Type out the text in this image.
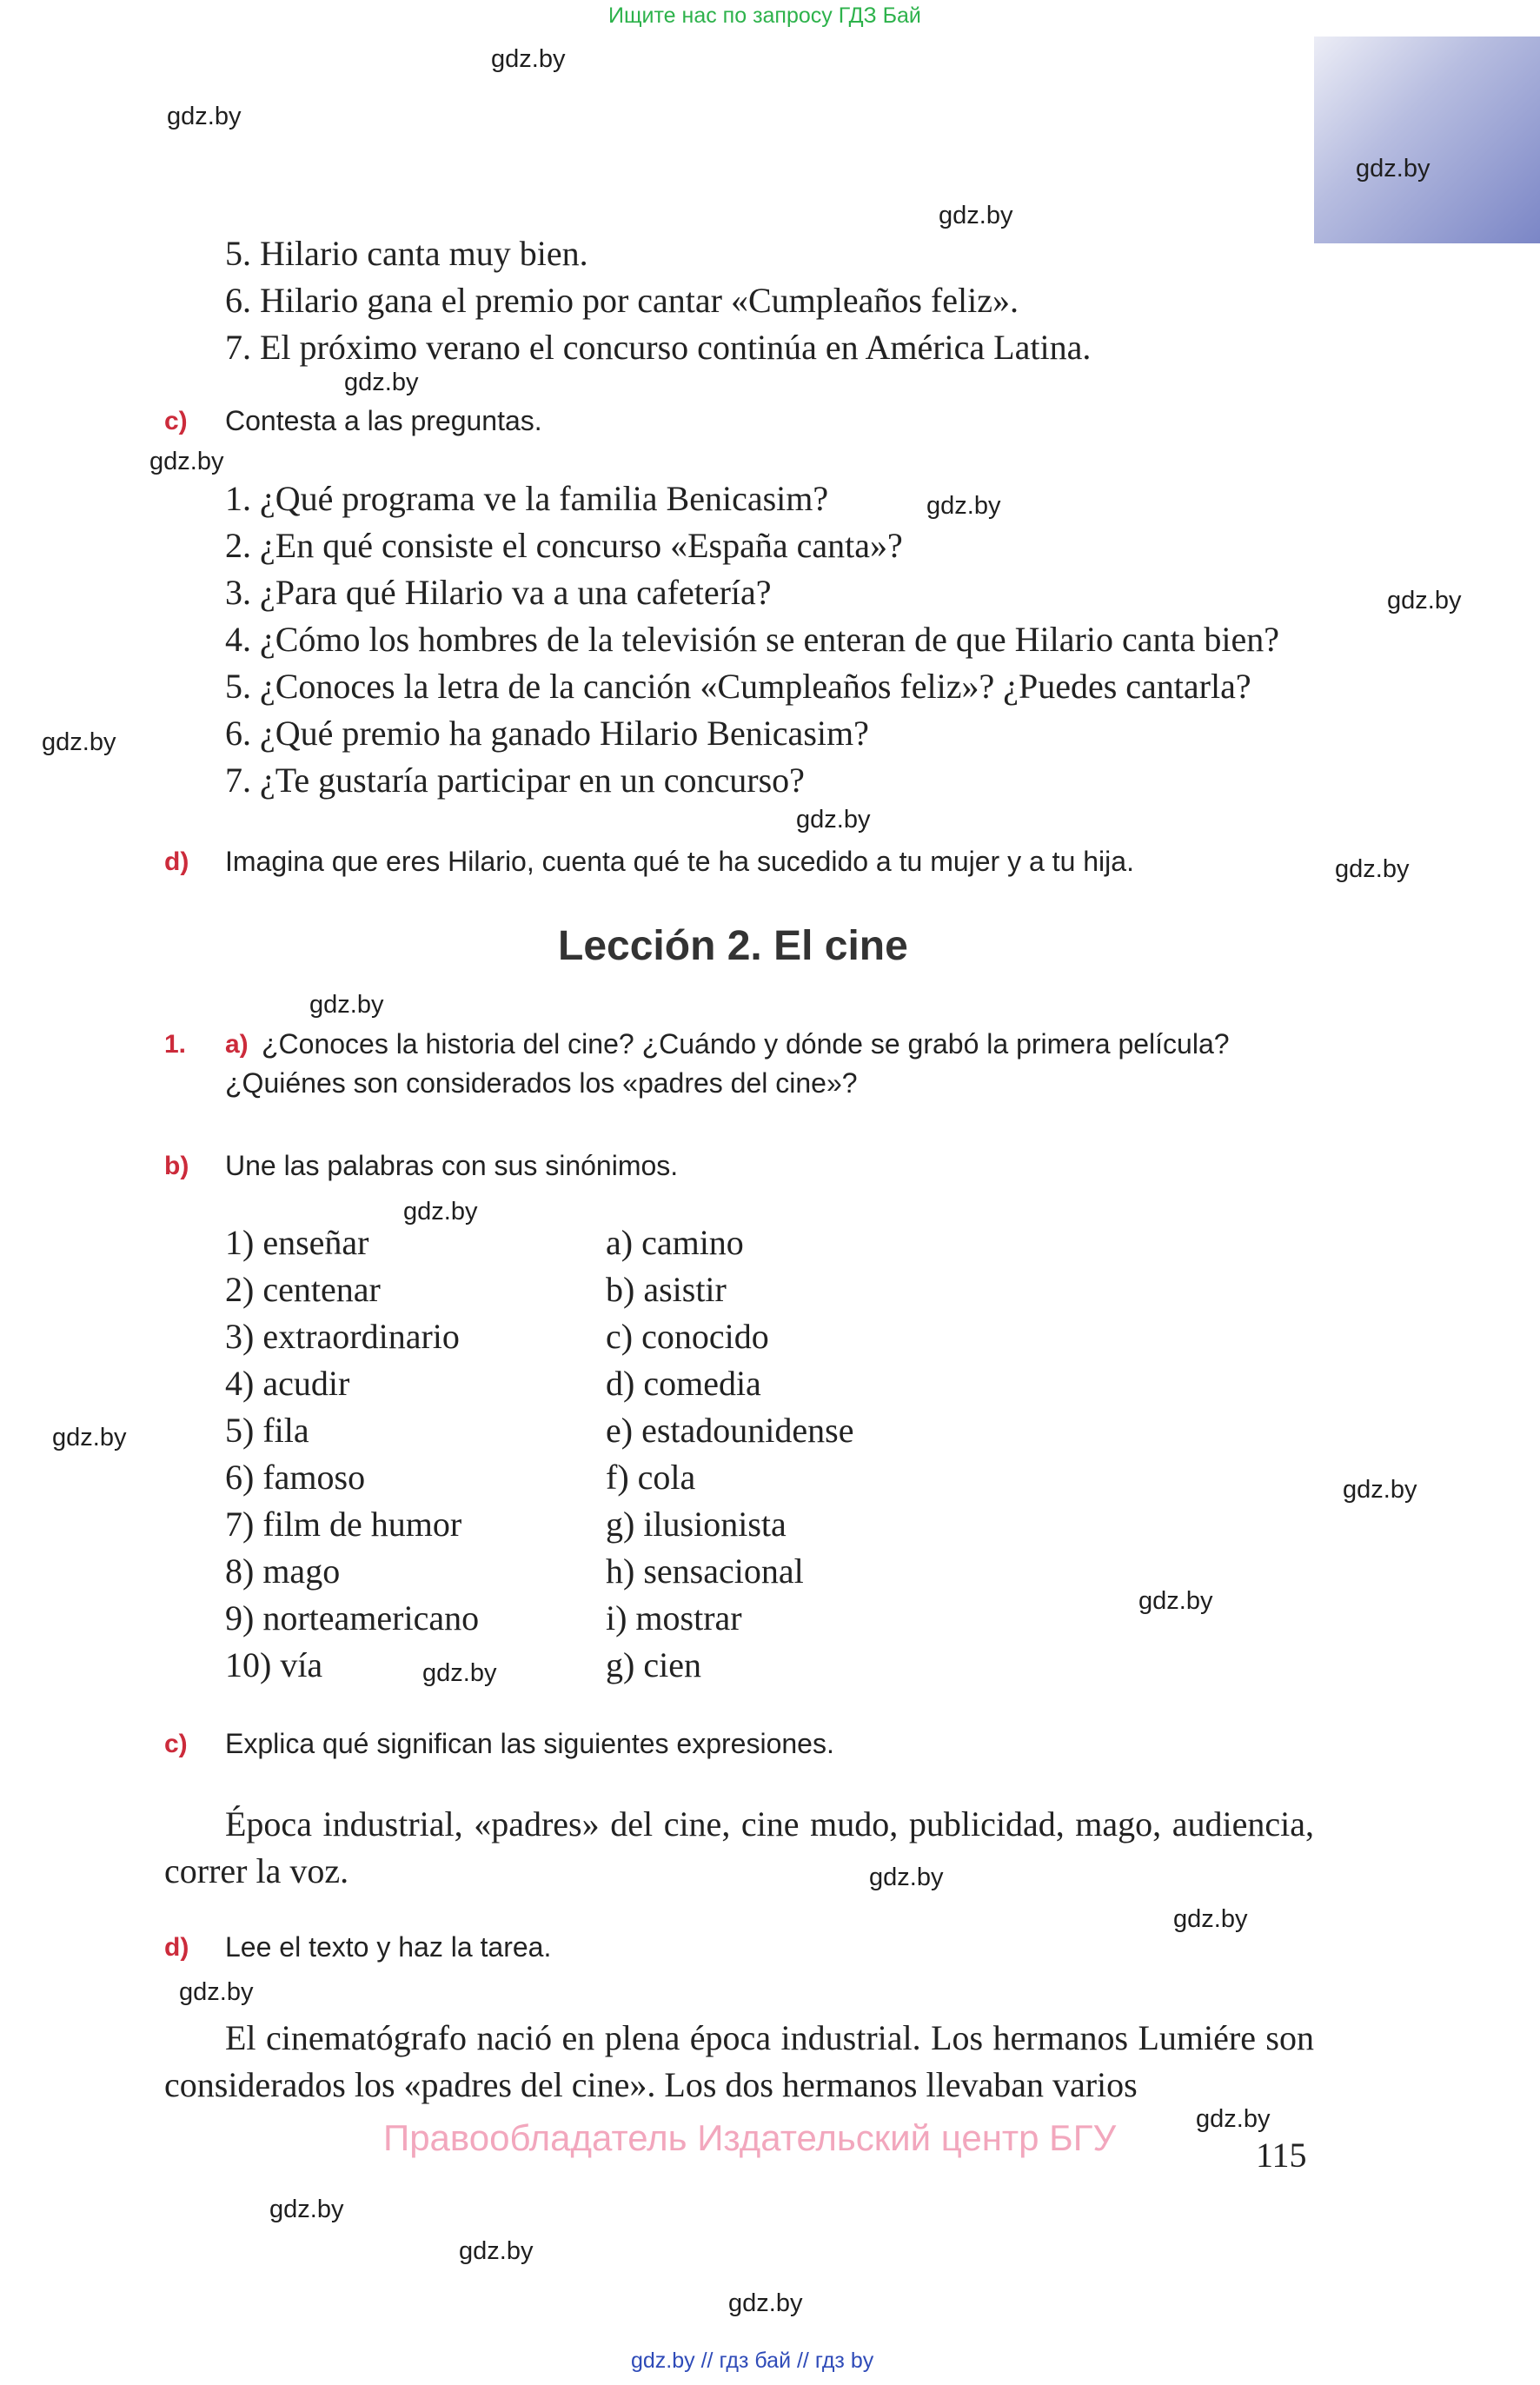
Ищите нас по запросу ГДЗ Бай
gdz.by
gdz.by
gdz.by
gdz.by
gdz.by
gdz.by
gdz.by
gdz.by
gdz.by
gdz.by
gdz.by
gdz.by
gdz.by
gdz.by
gdz.by
gdz.by
gdz.by
gdz.by
gdz.by
gdz.by
gdz.by
gdz.by
gdz.by
gdz.by
5. Hilario canta muy bien.
6. Hilario gana el premio por cantar «Cumpleaños feliz».
7. El próximo verano el concurso continúa en América Latina.
c) Contesta a las preguntas.
1. ¿Qué programa ve la familia Benicasim?
2. ¿En qué consiste el concurso «España canta»?
3. ¿Para qué Hilario va a una cafetería?
4. ¿Cómo los hombres de la televisión se enteran de que Hilario canta bien?
5. ¿Conoces la letra de la canción «Cumpleaños feliz»? ¿Puedes cantarla?
6. ¿Qué premio ha ganado Hilario Benicasim?
7. ¿Te gustaría participar en un concurso?
d) Imagina que eres Hilario, cuenta qué te ha sucedido a tu mujer y a tu hija.
Lección 2. El cine
1. a) ¿Conoces la historia del cine? ¿Cuándo y dónde se grabó la primera película?
¿Quiénes son considerados los «padres del cine»?
b) Une las palabras con sus sinónimos.
1) enseñar
2) centenar
3) extraordinario
4) acudir
5) fila
6) famoso
7) film de humor
8) mago
9) norteamericano
10) vía
a) camino
b) asistir
c) conocido
d) comedia
e) estadounidense
f) cola
g) ilusionista
h) sensacional
i) mostrar
g) cien
c) Explica qué significan las siguientes expresiones.
Época industrial, «padres» del cine, cine mudo, publicidad, mago, audiencia, correr la voz.
d) Lee el texto y haz la tarea.
El cinematógrafo nació en plena época industrial. Los hermanos Lumiére son considerados los «padres del cine». Los dos hermanos llevaban varios
Правообладатель Издательский центр БГУ	115
gdz.by // гдз бай // гдз by
